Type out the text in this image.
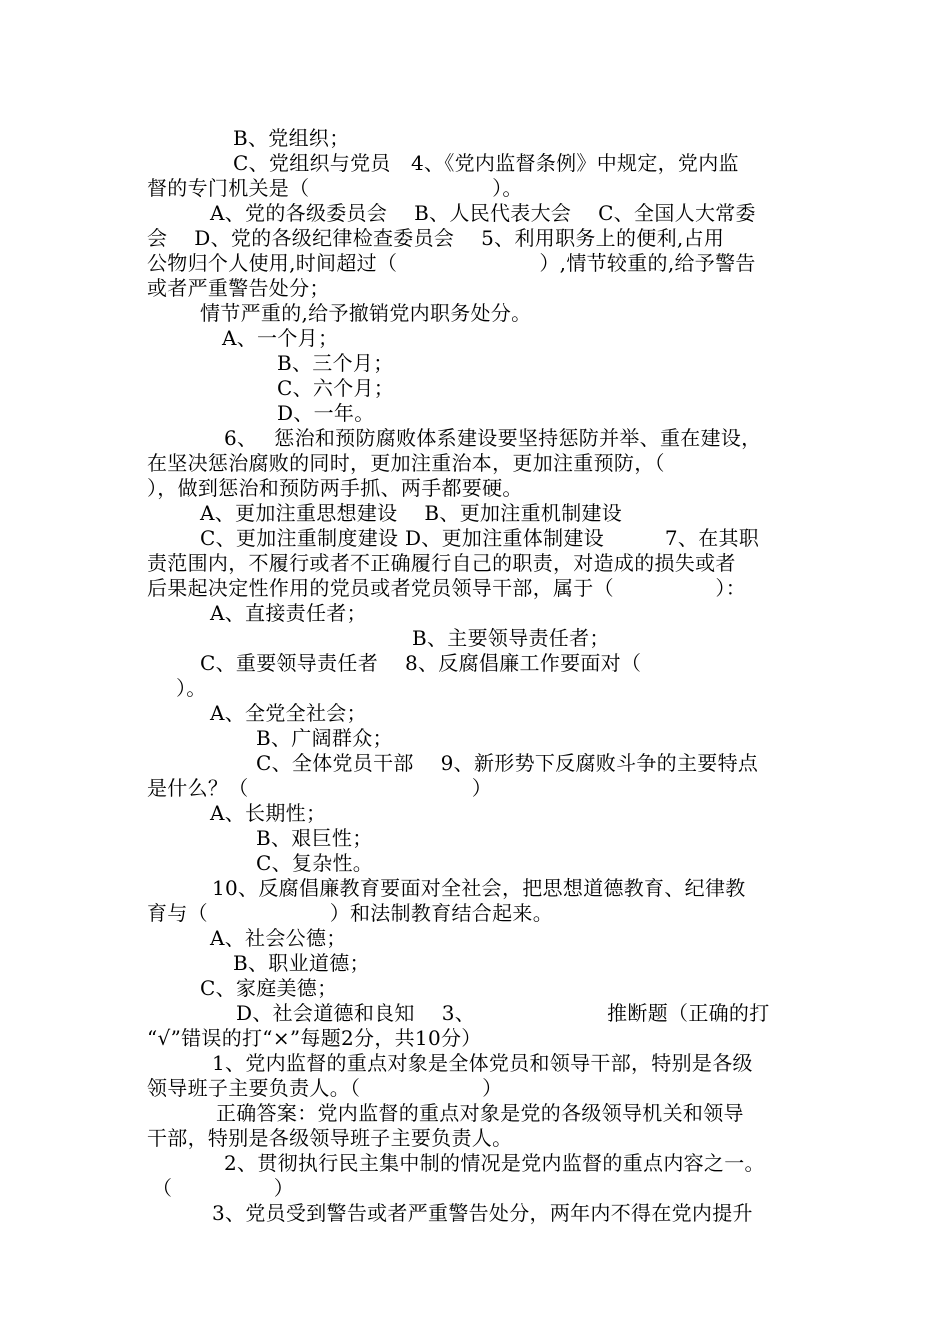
B、党组织；
C、党组织与党员　4、《党内监督条例》中规定，党内监
督的专门机关是（　　　　　　　　　）。
A、党的各级委员会　 B、人民代表大会　 C、全国人大常委
会　 D、党的各级纪律检查委员会　 5、利用职务上的便利,占用
公物归个人使用,时间超过（　　　　　　　）,情节较重的,给予警告
或者严重警告处分；
情节严重的,给予撤销党内职务处分。
A、一个月；
B、三个月；
C、六个月；
D、一年。
6、　 惩治和预防腐败体系建设要坚持惩防并举、重在建设，
在坚决惩治腐败的同时，更加注重治本，更加注重预防，（
），做到惩治和预防两手抓、两手都要硬。
A、更加注重思想建设　 B、更加注重机制建设
C、更加注重制度建设 D、更加注重体制建设　　　7、在其职
责范围内，不履行或者不正确履行自己的职责，对造成的损失或者
后果起决定性作用的党员或者党员领导干部，属于（　　　　　）：
A、直接责任者；
B、主要领导责任者；
C、重要领导责任者　 8、反腐倡廉工作要面对（
）。
A、全党全社会；
B、广阔群众；
C、全体党员干部　 9、新形势下反腐败斗争的主要特点
是什么？（　　　　　　　　　　　）
A、长期性；
B、艰巨性；
C、复杂性。
10、反腐倡廉教育要面对全社会，把思想道德教育、纪律教
育与（　　　　　　）和法制教育结合起来。
A、社会公德；
B、职业道德；
C、家庭美德；
D、社会道德和良知　 3、　　　　　　　推断题（正确的打
“√”错误的打“×”每题2分，共10分）
1、党内监督的重点对象是全体党员和领导干部，特别是各级
领导班子主要负责人。（　　　　　　）
正确答案：党内监督的重点对象是党的各级领导机关和领导
干部，特别是各级领导班子主要负责人。
2、贯彻执行民主集中制的情况是党内监督的重点内容之一。
（　　　　　）
3、党员受到警告或者严重警告处分，两年内不得在党内提升
